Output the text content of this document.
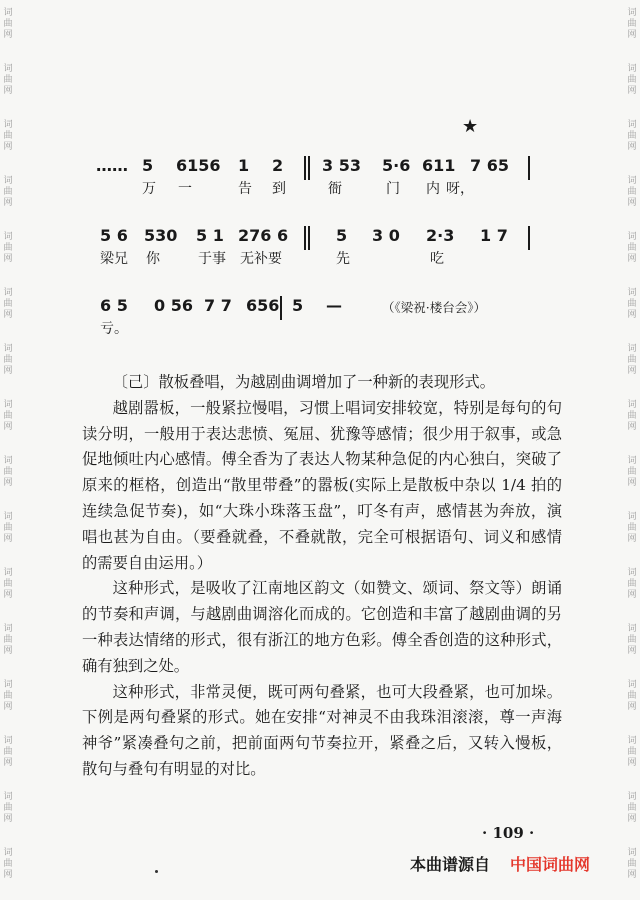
词
曲
网
词
曲
网
词
曲
网
词
曲
网
词
曲
网
词
曲
网
词
曲
网
词
曲
网
词
曲
网
词
曲
网
词
曲
网
词
曲
网
词
曲
网
词
曲
网
词
曲
网
词
曲
网
词
曲
网
词
曲
网
词
曲
网
词
曲
网
词
曲
网
词
曲
网
词
曲
网
词
曲
网
词
曲
网
词
曲
网
词
曲
网
词
曲
网
词
曲
网
词
曲
网
词
曲
网
词
曲
网
★
…… 5 6156 1 2 3 53 5·6 611 7 65
万 一	告 到	衙	门 内 呀，
5 6 530 5 1 276 6	5 3 0 2·3 1 7
梁兄 你	于事 无补要	先	吃
6 5 0 56 7 7 656 5 —	（《梁祝·楼台会》）
亏。

〔己〕散板叠唱，为越剧曲调增加了一种新的表现形式。

越剧嚣板，一般紧拉慢唱，习惯上唱词安排较宽，特别是每句的句读分明，一般用于表达悲愤、冤屈、犹豫等感情；很少用于叙事，或急促地倾吐内心感情。傅全香为了表达人物某种急促的内心独白，突破了原来的框格，创造出“散里带叠”的嚣板(实际上是散板中杂以 1/4 拍的连续急促节奏)，如“大珠小珠落玉盘”，叮冬有声，感情甚为奔放，演唱也甚为自由。（要叠就叠，不叠就散，完全可根据语句、词义和感情的需要自由运用。）

这种形式，是吸收了江南地区韵文（如赞文、颂词、祭文等）朗诵的节奏和声调，与越剧曲调溶化而成的。它创造和丰富了越剧曲调的另一种表达情绪的形式，很有浙江的地方色彩。傅全香创造的这种形式，确有独到之处。

这种形式，非常灵便，既可两句叠紧，也可大段叠紧，也可加垛。下例是两句叠紧的形式。她在安排“对神灵不由我珠泪滚滚，尊一声海神爷”紧凑叠句之前，把前面两句节奏拉开，紧叠之后，又转入慢板，散句与叠句有明显的对比。

· 109 ·
本曲谱源自 中国词曲网
